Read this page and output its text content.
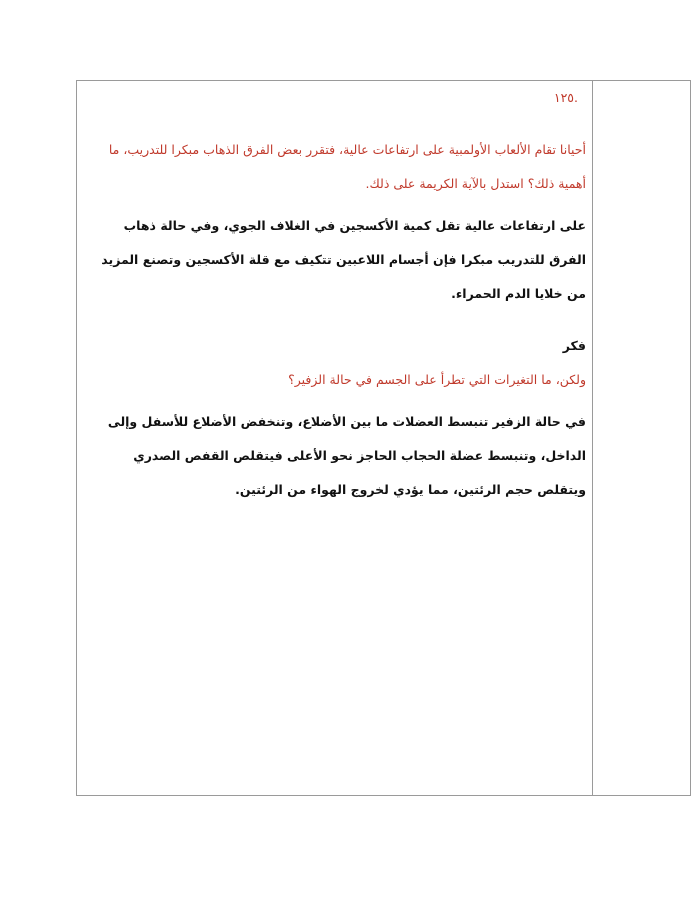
.١٢٥

أحيانا تقام الألعاب الأولمبية على ارتفاعات عالية، فتقرر بعض الفرق الذهاب مبكرا للتدريب، ما أهمية ذلك؟ استدل بالآية الكريمة على ذلك.

على ارتفاعات عالية تقل كمية الأكسجين في الغلاف الجوي، وفي حالة ذهاب الفرق للتدريب مبكرا فإن أجسام اللاعبين تتكيف مع قلة الأكسجين وتصنع المزيد من خلايا الدم الحمراء.

فكر

ولكن، ما التغيرات التي تطرأ على الجسم في حالة الزفير؟

في حالة الزفير تنبسط العضلات ما بين الأضلاع، وتنخفض الأضلاع للأسفل وإلى الداخل، وتنبسط عضلة الحجاب الحاجز نحو الأعلى فيتقلص القفص الصدري ويتقلص حجم الرئتين، مما يؤدي لخروج الهواء من الرئتين.
